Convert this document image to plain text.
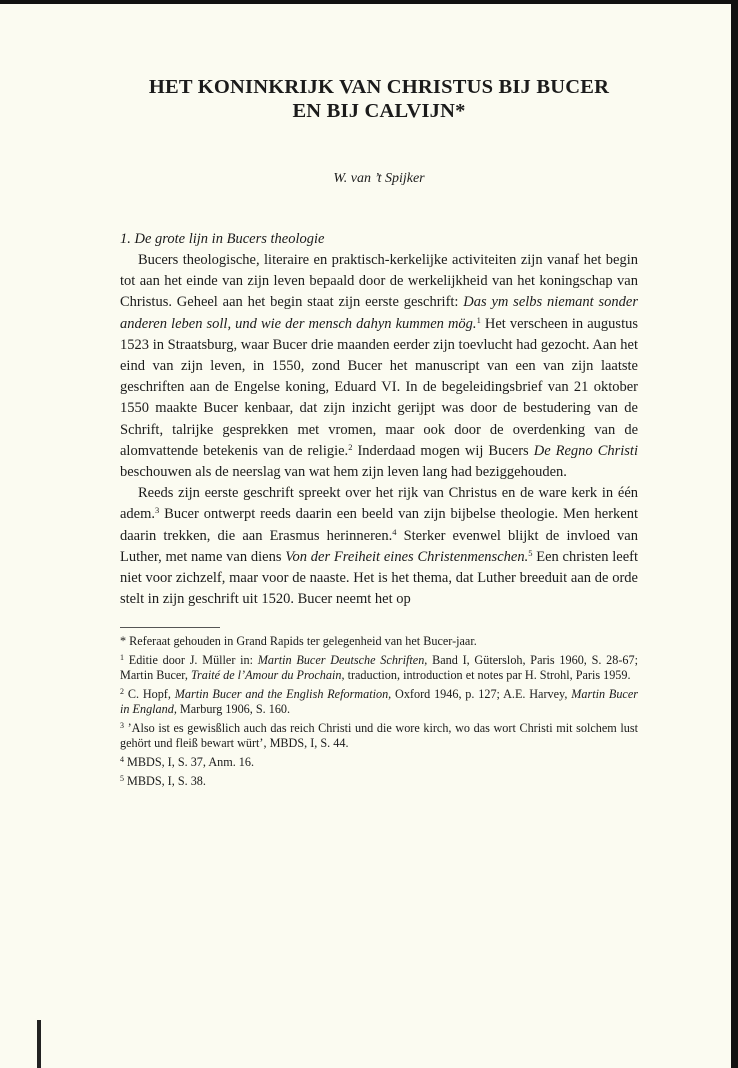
HET KONINKRIJK VAN CHRISTUS BIJ BUCER
EN BIJ CALVIJN*
W. van ’t Spijker
1. De grote lijn in Bucers theologie

Bucers theologische, literaire en praktisch-kerkelijke activiteiten zijn vanaf het begin tot aan het einde van zijn leven bepaald door de werkelijkheid van het koningschap van Christus. Geheel aan het begin staat zijn eerste geschrift: Das ym selbs niemant sonder anderen leben soll, und wie der mensch dahyn kummen mög.$^1$ Het verscheen in augustus 1523 in Straatsburg, waar Bucer drie maanden eerder zijn toevlucht had gezocht. Aan het eind van zijn leven, in 1550, zond Bucer het manuscript van een van zijn laatste geschriften aan de Engelse koning, Eduard VI. In de begeleidingsbrief van 21 oktober 1550 maakte Bucer kenbaar, dat zijn inzicht gerijpt was door de bestudering van de Schrift, talrijke gesprekken met vromen, maar ook door de overdenking van de alomvattende betekenis van de religie.$^2$ Inderdaad mogen wij Bucers De Regno Christi beschouwen als de neerslag van wat hem zijn leven lang had beziggehouden.

Reeds zijn eerste geschrift spreekt over het rijk van Christus en de ware kerk in één adem.$^3$ Bucer ontwerpt reeds daarin een beeld van zijn bijbelse theologie. Men herkent daarin trekken, die aan Erasmus herinneren.$^4$ Sterker evenwel blijkt de invloed van Luther, met name van diens Von der Freiheit eines Christenmenschen.$^5$ Een christen leeft niet voor zichzelf, maar voor de naaste. Het is het thema, dat Luther breeduit aan de orde stelt in zijn geschrift uit 1520. Bucer neemt het op

* Referaat gehouden in Grand Rapids ter gelegenheid van het Bucer-jaar.
$^1$ Editie door J. Müller in: Martin Bucer Deutsche Schriften, Band I, Gütersloh, Paris 1960, S. 28-67; Martin Bucer, Traité de l’Amour du Prochain, traduction, introduction et notes par H. Strohl, Paris 1959.
$^2$ C. Hopf, Martin Bucer and the English Reformation, Oxford 1946, p. 127; A.E. Harvey, Martin Bucer in England, Marburg 1906, S. 160.
$^3$ ’Also ist es gewisßlich auch das reich Christi und die wore kirch, wo das wort Christi mit solchem lust gehört und fleiß bewart würt’, MBDS, I, S. 44.
$^4$ MBDS, I, S. 37, Anm. 16.
$^5$ MBDS, I, S. 38.
